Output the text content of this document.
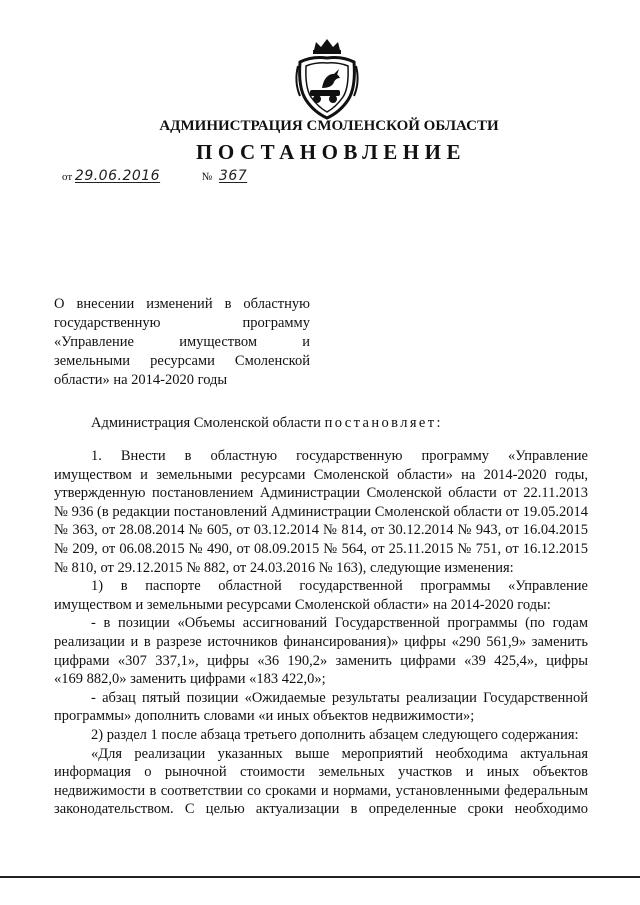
АДМИНИСТРАЦИЯ СМОЛЕНСКОЙ ОБЛАСТИ
ПОСТАНОВЛЕНИЕ
от 29.06.2016	№ 367
О внесении изменений в областную
государственную программу
«Управление имуществом и
земельными ресурсами Смоленской
области» на 2014-2020 годы
Администрация Смоленской области постановляет:
1. Внести в областную государственную программу «Управление
имуществом и земельными ресурсами Смоленской области» на 2014-2020 годы,
утвержденную постановлением Администрации Смоленской области от 22.11.2013
№ 936 (в редакции постановлений Администрации Смоленской области от 19.05.2014
№ 363, от 28.08.2014 № 605, от 03.12.2014 № 814, от 30.12.2014 № 943, от 16.04.2015
№ 209, от 06.08.2015 № 490, от 08.09.2015 № 564, от 25.11.2015 № 751, от 16.12.2015
№ 810, от 29.12.2015 № 882, от 24.03.2016 № 163), следующие изменения:
1) в паспорте областной государственной программы «Управление
имуществом и земельными ресурсами Смоленской области» на 2014-2020 годы:
- в позиции «Объемы ассигнований Государственной программы (по годам
реализации и в разрезе источников финансирования)» цифры «290 561,9» заменить
цифрами «307 337,1», цифры «36 190,2» заменить цифрами «39 425,4», цифры
«169 882,0» заменить цифрами «183 422,0»;
- абзац пятый позиции «Ожидаемые результаты реализации Государственной
программы» дополнить словами «и иных объектов недвижимости»;
2) раздел 1 после абзаца третьего дополнить абзацем следующего содержания:
«Для реализации указанных выше мероприятий необходима актуальная
информация о рыночной стоимости земельных участков и иных объектов
недвижимости в соответствии со сроками и нормами, установленными федеральным
законодательством. С целью актуализации в определенные сроки необходимо
